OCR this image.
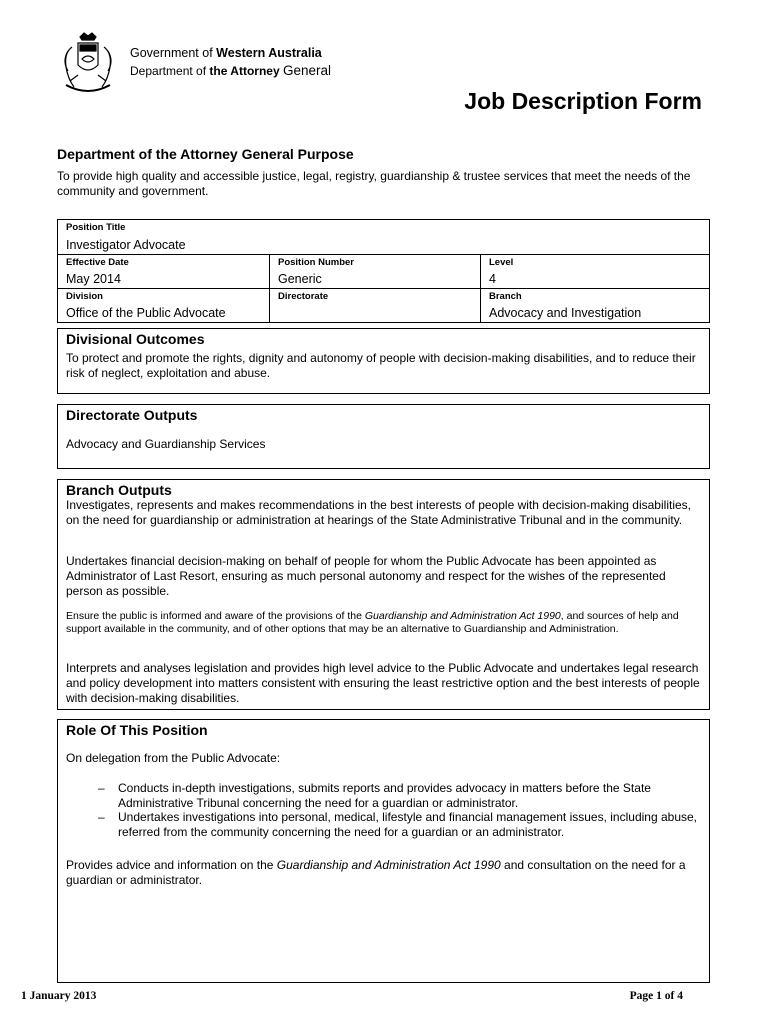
Government of Western Australia
Department of the Attorney General
Job Description Form
Department of the Attorney General Purpose
To provide high quality and accessible justice, legal, registry, guardianship & trustee services that meet the needs of the community and government.
Position Title
Investigator Advocate
Effective Date
May 2014
Position Number
Generic
Level
4
Division
Office of the Public Advocate
Directorate	Branch
Advocacy and Investigation
Divisional Outcomes
To protect and promote the rights, dignity and autonomy of people with decision-making disabilities, and to reduce their risk of neglect, exploitation and abuse.
Directorate Outputs
Advocacy and Guardianship Services
Branch Outputs
Investigates, represents and makes recommendations in the best interests of people with decision-making disabilities, on the need for guardianship or administration at hearings of the State Administrative Tribunal and in the community.
Undertakes financial decision-making on behalf of people for whom the Public Advocate has been appointed as Administrator of Last Resort, ensuring as much personal autonomy and respect for the wishes of the represented person as possible.
Ensure the public is informed and aware of the provisions of the Guardianship and Administration Act 1990, and sources of help and support available in the community, and of other options that may be an alternative to Guardianship and Administration.
Interprets and analyses legislation and provides high level advice to the Public Advocate and undertakes legal research and policy development into matters consistent with ensuring the least restrictive option and the best interests of people with decision-making disabilities.
Role Of This Position
On delegation from the Public Advocate:

– Conducts in-depth investigations, submits reports and provides advocacy in matters before the State Administrative Tribunal concerning the need for a guardian or administrator.

– Undertakes investigations into personal, medical, lifestyle and financial management issues, including abuse, referred from the community concerning the need for a guardian or an administrator.

Provides advice and information on the Guardianship and Administration Act 1990 and consultation on the need for a guardian or administrator.
1 January 2013	Page 1 of 4
